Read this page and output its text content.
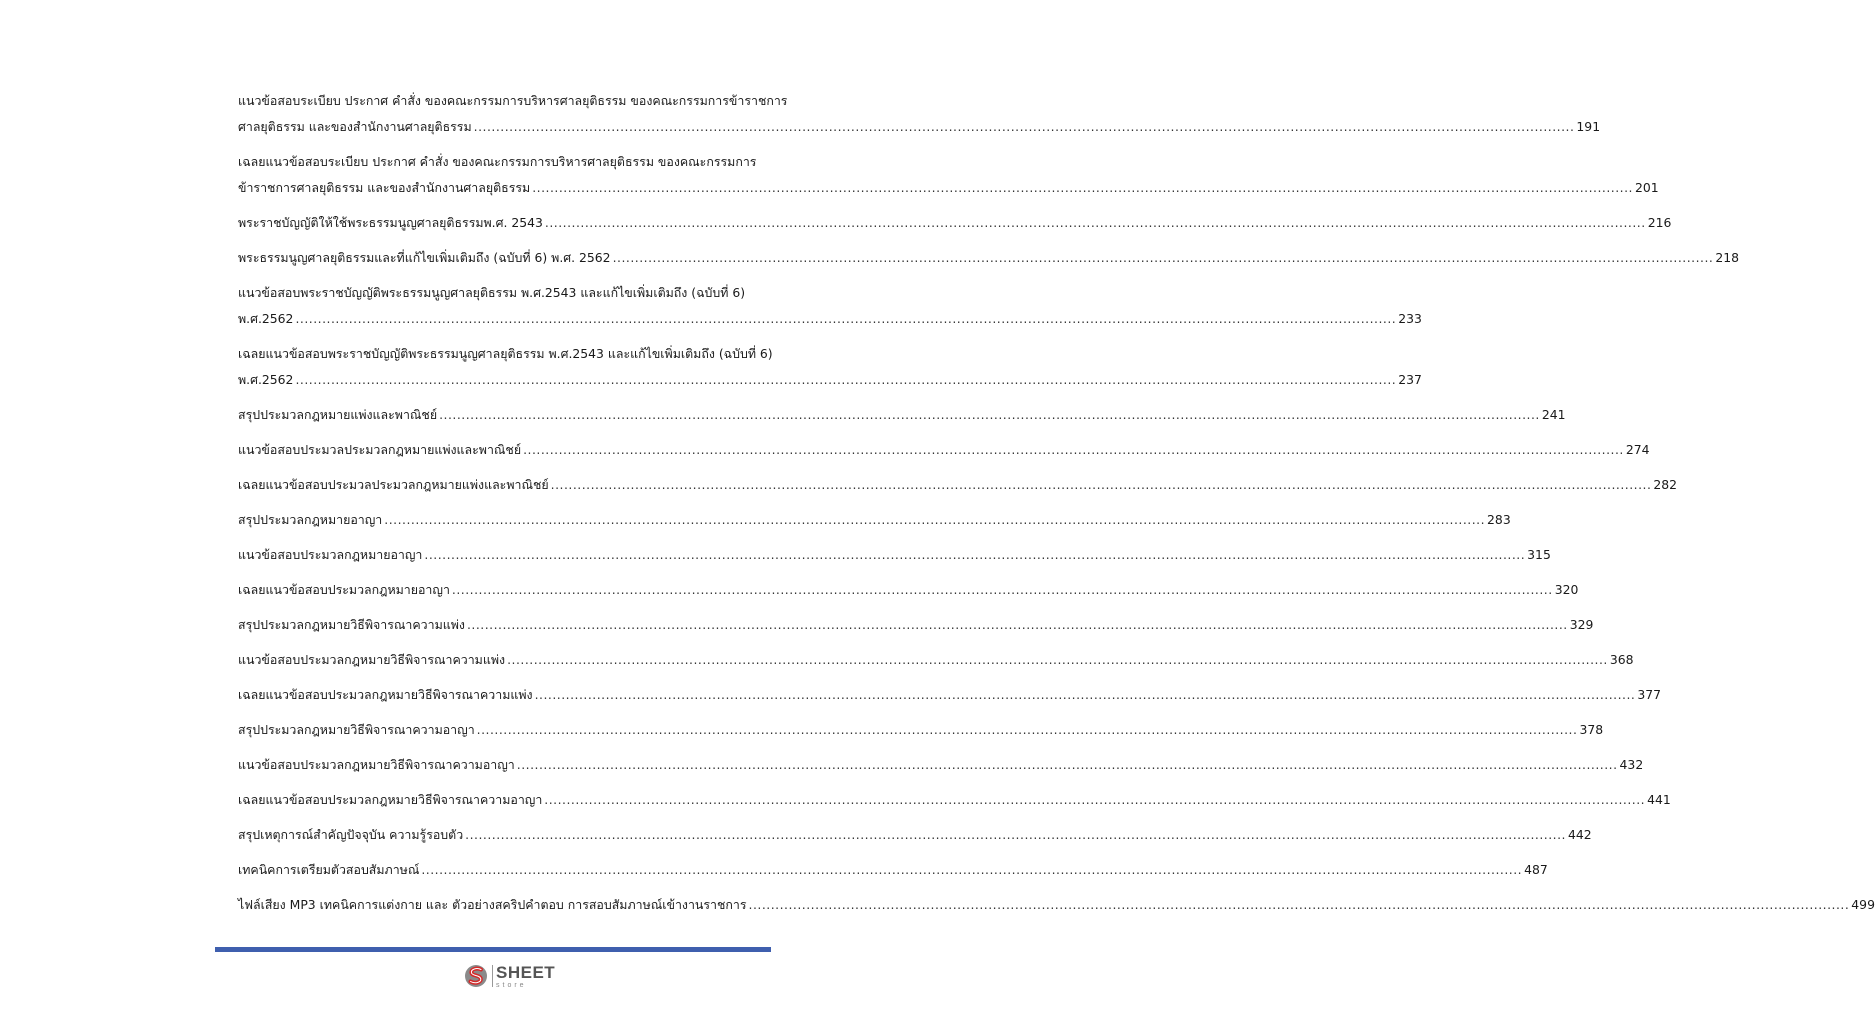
แนวข้อสอบระเบียบ ประกาศ คำสั่ง ของคณะกรรมการบริหารศาลยุติธรรม ของคณะกรรมการข้าราชการ
ศาลยุติธรรม และของสำนักงานศาลยุติธรรม .....	191
เฉลยแนวข้อสอบระเบียบ ประกาศ คำสั่ง ของคณะกรรมการบริหารศาลยุติธรรม ของคณะกรรมการ
ข้าราชการศาลยุติธรรม และของสำนักงานศาลยุติธรรม .....	201
พระราชบัญญัติให้ใช้พระธรรมนูญศาลยุติธรรมพ.ศ. 2543 .....	216
พระธรรมนูญศาลยุติธรรมและที่แก้ไขเพิ่มเติมถึง (ฉบับที่ 6) พ.ศ. 2562 .....	218
แนวข้อสอบพระราชบัญญัติพระธรรมนูญศาลยุติธรรม พ.ศ.2543 และแก้ไขเพิ่มเติมถึง (ฉบับที่ 6)
พ.ศ.2562 .....	233
เฉลยแนวข้อสอบพระราชบัญญัติพระธรรมนูญศาลยุติธรรม พ.ศ.2543 และแก้ไขเพิ่มเติมถึง (ฉบับที่ 6)
พ.ศ.2562 .....	237
สรุปประมวลกฎหมายแพ่งและพาณิชย์ .....	241
แนวข้อสอบประมวลประมวลกฎหมายแพ่งและพาณิชย์ .....	274
เฉลยแนวข้อสอบประมวลประมวลกฎหมายแพ่งและพาณิชย์ .....	282
สรุปประมวลกฎหมายอาญา .....	283
แนวข้อสอบประมวลกฎหมายอาญา .....	315
เฉลยแนวข้อสอบประมวลกฎหมายอาญา .....	320
สรุปประมวลกฎหมายวิธีพิจารณาความแพ่ง .....	329
แนวข้อสอบประมวลกฎหมายวิธีพิจารณาความแพ่ง .....	368
เฉลยแนวข้อสอบประมวลกฎหมายวิธีพิจารณาความแพ่ง .....	377
สรุปประมวลกฎหมายวิธีพิจารณาความอาญา .....	378
แนวข้อสอบประมวลกฎหมายวิธีพิจารณาความอาญา .....	432
เฉลยแนวข้อสอบประมวลกฎหมายวิธีพิจารณาความอาญา .....	441
สรุปเหตุการณ์สำคัญปัจจุบัน ความรู้รอบตัว .....	442
เทคนิคการเตรียมตัวสอบสัมภาษณ์ .....	487
ไฟล์เสียง MP3 เทคนิคการแต่งกาย และ ตัวอย่างสคริปคำตอบ การสอบสัมภาษณ์เข้างานราชการ .....	499
SHEET
store
